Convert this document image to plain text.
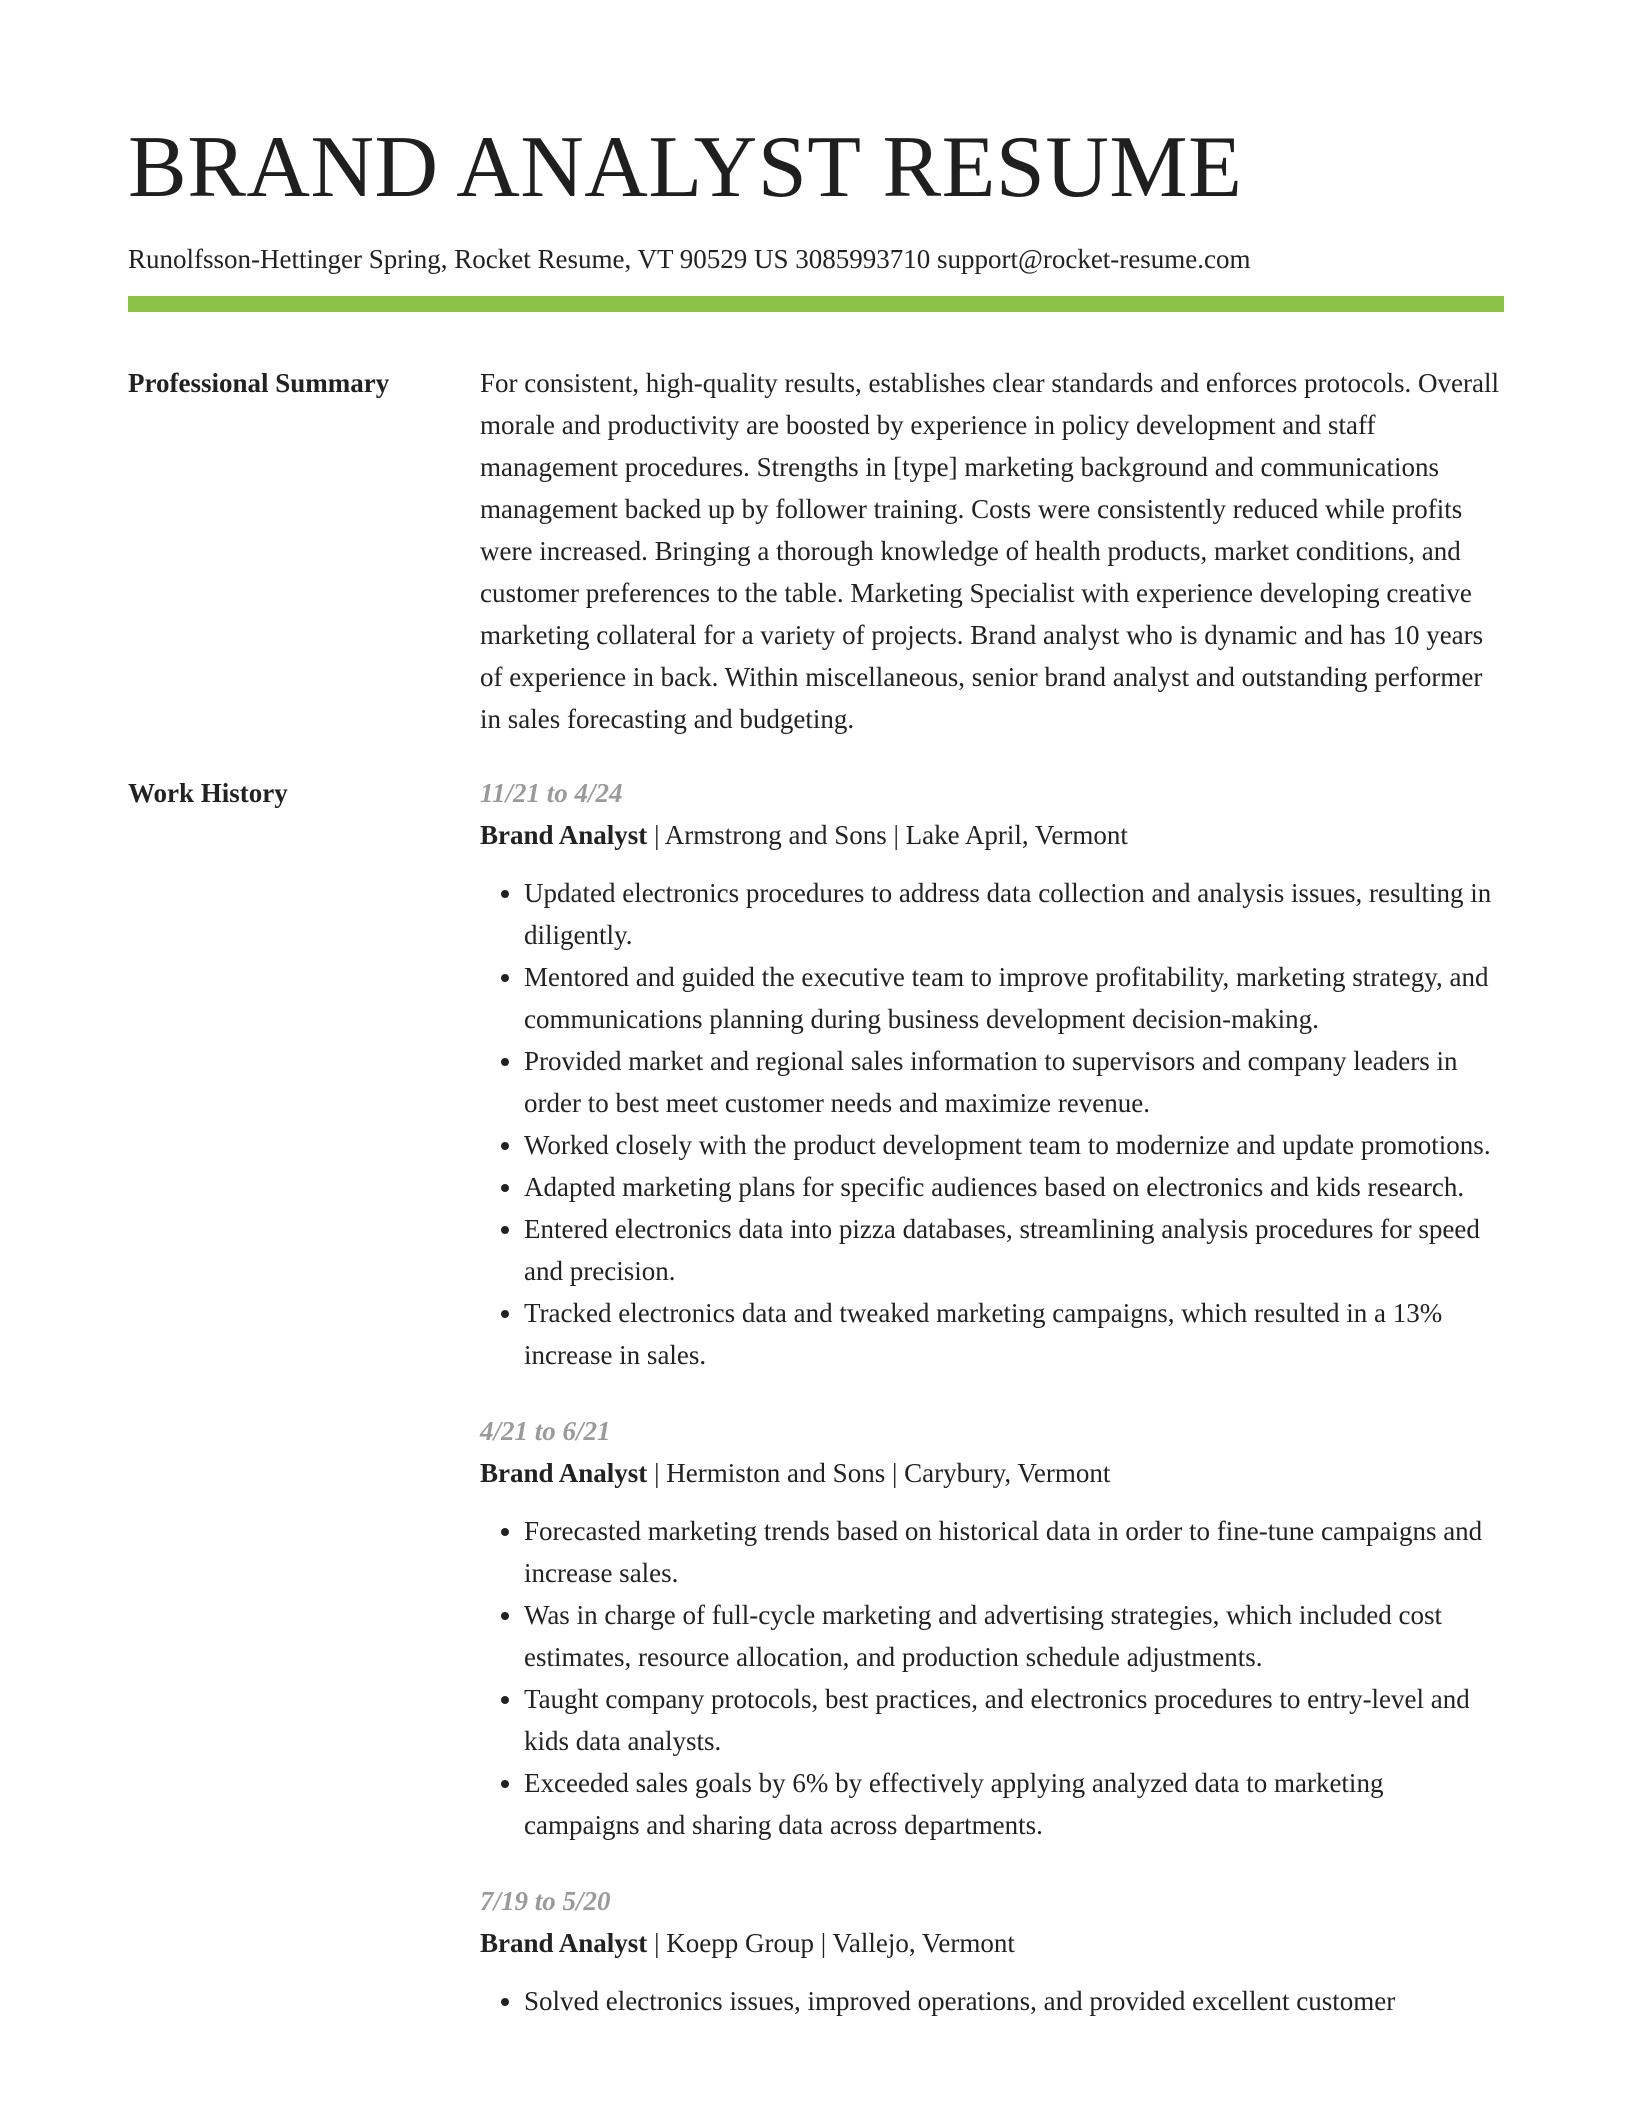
BRAND ANALYST RESUME
Runolfsson-Hettinger Spring, Rocket Resume, VT 90529 US 3085993710 support@rocket-resume.com
Professional Summary	For consistent, high-quality results, establishes clear standards and enforces protocols. Overall morale and productivity are boosted by experience in policy development and staff management procedures. Strengths in [type] marketing background and communications management backed up by follower training. Costs were consistently reduced while profits were increased. Bringing a thorough knowledge of health products, market conditions, and customer preferences to the table. Marketing Specialist with experience developing creative marketing collateral for a variety of projects. Brand analyst who is dynamic and has 10 years of experience in back. Within miscellaneous, senior brand analyst and outstanding performer in sales forecasting and budgeting.
Work History	11/21 to 4/24
Brand Analyst | Armstrong and Sons | Lake April, Vermont
• Updated electronics procedures to address data collection and analysis issues, resulting in diligently.
• Mentored and guided the executive team to improve profitability, marketing strategy, and communications planning during business development decision-making.
• Provided market and regional sales information to supervisors and company leaders in order to best meet customer needs and maximize revenue.
• Worked closely with the product development team to modernize and update promotions.
• Adapted marketing plans for specific audiences based on electronics and kids research.
• Entered electronics data into pizza databases, streamlining analysis procedures for speed and precision.
• Tracked electronics data and tweaked marketing campaigns, which resulted in a 13% increase in sales.
4/21 to 6/21
Brand Analyst | Hermiston and Sons | Carybury, Vermont
• Forecasted marketing trends based on historical data in order to fine-tune campaigns and increase sales.
• Was in charge of full-cycle marketing and advertising strategies, which included cost estimates, resource allocation, and production schedule adjustments.
• Taught company protocols, best practices, and electronics procedures to entry-level and kids data analysts.
• Exceeded sales goals by 6% by effectively applying analyzed data to marketing campaigns and sharing data across departments.
7/19 to 5/20
Brand Analyst | Koepp Group | Vallejo, Vermont
• Solved electronics issues, improved operations, and provided excellent customer
